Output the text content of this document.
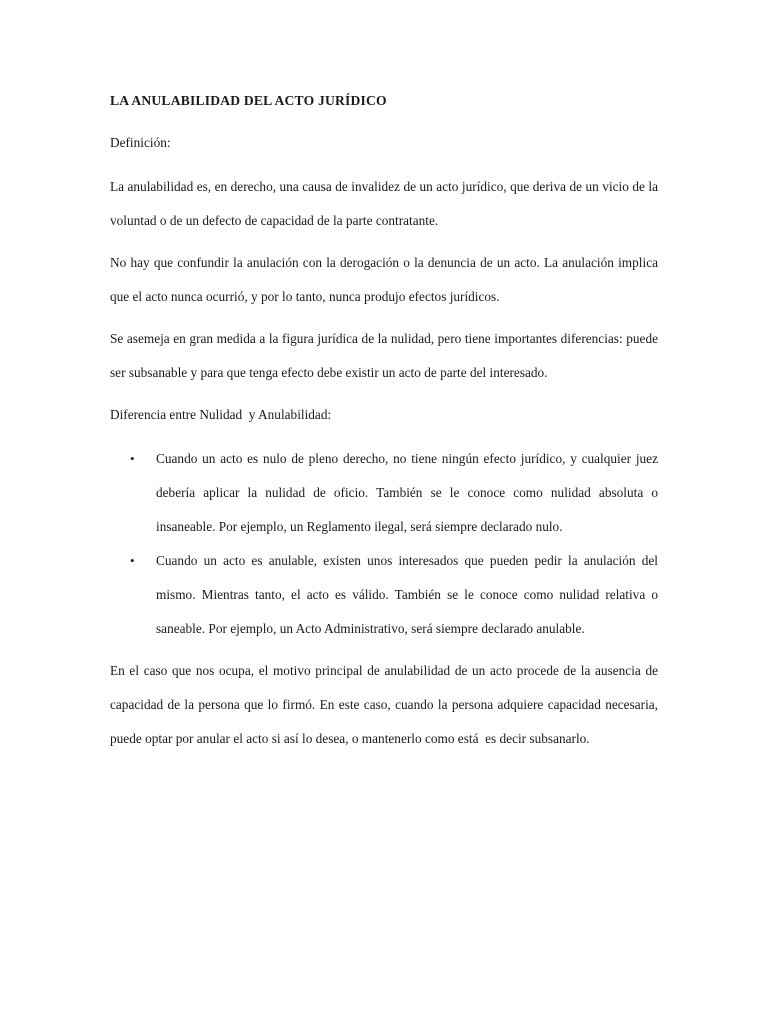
LA ANULABILIDAD DEL ACTO JURÍDICO
Definición:
La anulabilidad es, en derecho, una causa de invalidez de un acto jurídico, que deriva de un vicio de la voluntad o de un defecto de capacidad de la parte contratante.
No hay que confundir la anulación con la derogación o la denuncia de un acto. La anulación implica que el acto nunca ocurrió, y por lo tanto, nunca produjo efectos jurídicos.
Se asemeja en gran medida a la figura jurídica de la nulidad, pero tiene importantes diferencias: puede ser subsanable y para que tenga efecto debe existir un acto de parte del interesado.
Diferencia entre Nulidad  y Anulabilidad:
• Cuando un acto es nulo de pleno derecho, no tiene ningún efecto jurídico, y cualquier juez debería aplicar la nulidad de oficio. También se le conoce como nulidad absoluta o insaneable. Por ejemplo, un Reglamento ilegal, será siempre declarado nulo.
• Cuando un acto es anulable, existen unos interesados que pueden pedir la anulación del mismo. Mientras tanto, el acto es válido. También se le conoce como nulidad relativa o saneable. Por ejemplo, un Acto Administrativo, será siempre declarado anulable.
En el caso que nos ocupa, el motivo principal de anulabilidad de un acto procede de la ausencia de capacidad de la persona que lo firmó. En este caso, cuando la persona adquiere capacidad necesaria, puede optar por anular el acto si así lo desea, o mantenerlo como está  es decir subsanarlo.
